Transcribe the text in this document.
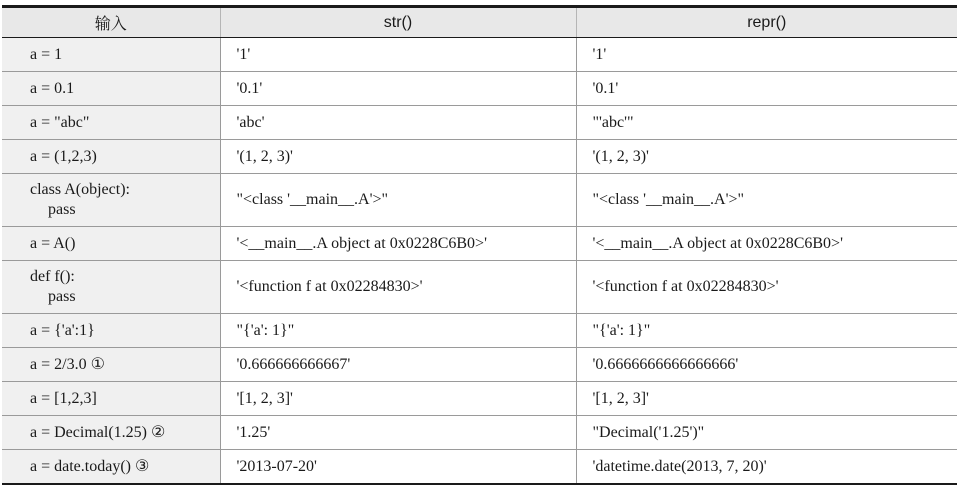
输入	str()	repr()

a = 1	'1'	'1'

a = 0.1	'0.1'	'0.1'

a = "abc"	'abc'	"'abc'"

a = (1,2,3)	'(1, 2, 3)'	'(1, 2, 3)'

class A(object):
pass	"<class '__main__.A'>"	"<class '__main__.A'>"

a = A()	'<__main__.A object at 0x0228C6B0>'	'<__main__.A object at 0x0228C6B0>'

def f():
pass	'<function f at 0x02284830>'	'<function f at 0x02284830>'

a = {'a':1}	"{'a': 1}"	"{'a': 1}"

a = 2/3.0 ①	'0.666666666667'	'0.6666666666666666'

a = [1,2,3]	'[1, 2, 3]'	'[1, 2, 3]'

a = Decimal(1.25) ②	'1.25'	"Decimal('1.25')"

a = date.today() ③	'2013-07-20'	'datetime.date(2013, 7, 20)'
